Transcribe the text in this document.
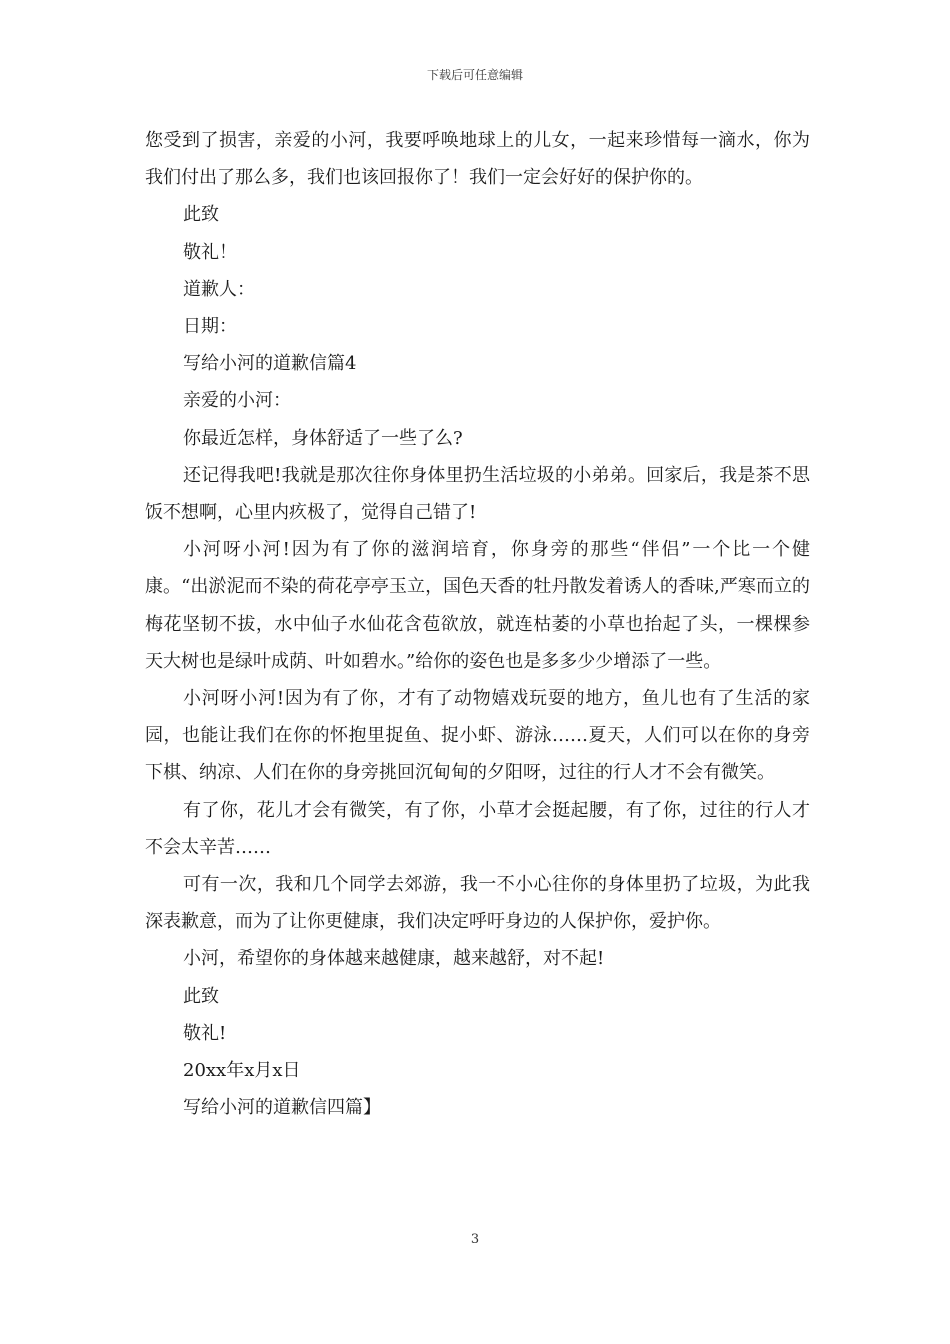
下载后可任意编辑

您受到了损害，亲爱的小河，我要呼唤地球上的儿女，一起来珍惜每一滴水，你为我们付出了那么多，我们也该回报你了！我们一定会好好的保护你的。

此致

敬礼！

道歉人：

日期：

写给小河的道歉信篇4

亲爱的小河：

你最近怎样，身体舒适了一些了么?

还记得我吧!我就是那次往你身体里扔生活垃圾的小弟弟。回家后，我是茶不思饭不想啊，心里内疚极了，觉得自己错了!

小河呀小河!因为有了你的滋润培育，你身旁的那些“伴侣”一个比一个健康。“出淤泥而不染的荷花亭亭玉立，国色天香的牡丹散发着诱人的香味,严寒而立的梅花坚韧不拔，水中仙子水仙花含苞欲放，就连枯萎的小草也抬起了头，一棵棵参天大树也是绿叶成荫、叶如碧水。”给你的姿色也是多多少少增添了一些。

小河呀小河!因为有了你，才有了动物嬉戏玩耍的地方，鱼儿也有了生活的家园，也能让我们在你的怀抱里捉鱼、捉小虾、游泳……夏天，人们可以在你的身旁下棋、纳凉、人们在你的身旁挑回沉甸甸的夕阳呀，过往的行人才不会有微笑。

有了你，花儿才会有微笑，有了你，小草才会挺起腰，有了你，过往的行人才不会太辛苦……

可有一次，我和几个同学去郊游，我一不小心往你的身体里扔了垃圾，为此我深表歉意，而为了让你更健康，我们决定呼吁身边的人保护你，爱护你。

小河，希望你的身体越来越健康，越来越舒，对不起!

此致

敬礼!

20xx年x月x日

写给小河的道歉信四篇】

3
